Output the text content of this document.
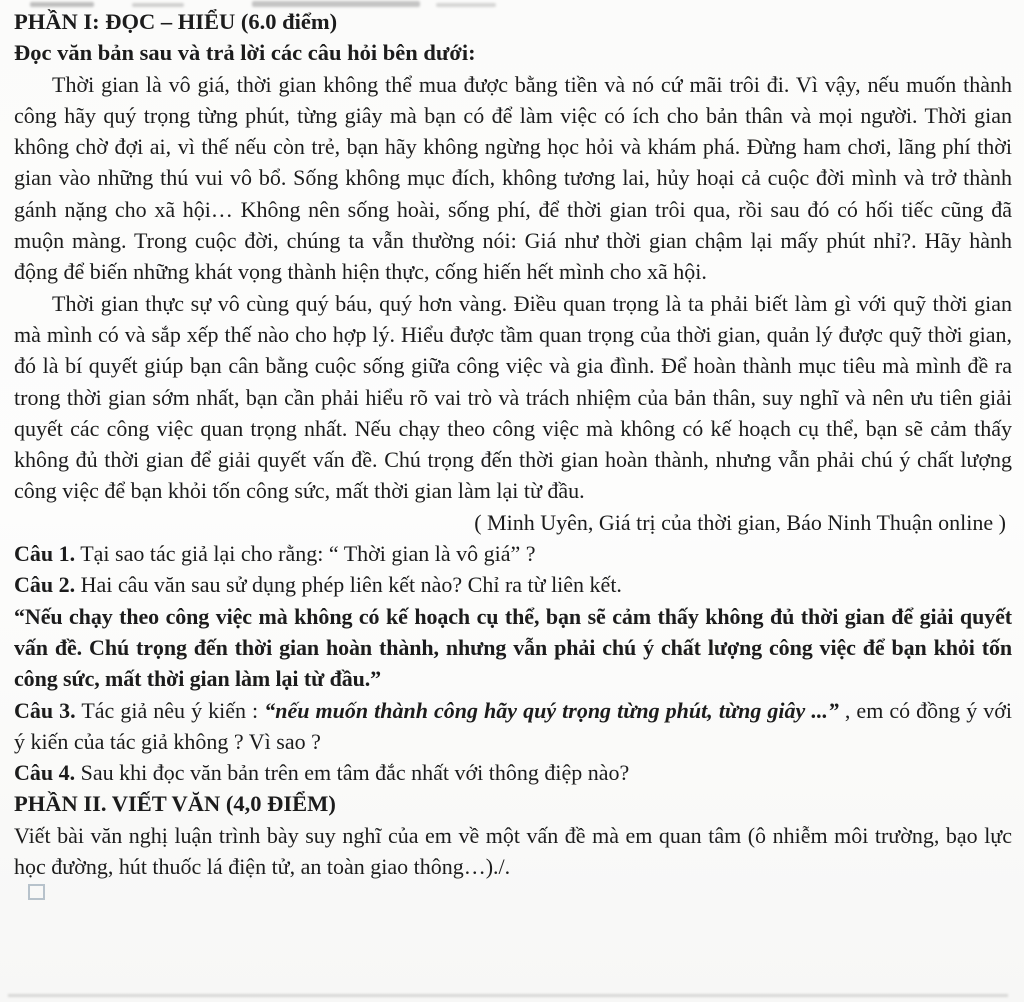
PHẦN I: ĐỌC – HIỂU (6.0 điểm)
Đọc văn bản sau và trả lời các câu hỏi bên dưới:

Thời gian là vô giá, thời gian không thể mua được bằng tiền và nó cứ mãi trôi đi. Vì vậy, nếu muốn thành công hãy quý trọng từng phút, từng giây mà bạn có để làm việc có ích cho bản thân và mọi người. Thời gian không chờ đợi ai, vì thế nếu còn trẻ, bạn hãy không ngừng học hỏi và khám phá. Đừng ham chơi, lãng phí thời gian vào những thú vui vô bổ. Sống không mục đích, không tương lai, hủy hoại cả cuộc đời mình và trở thành gánh nặng cho xã hội… Không nên sống hoài, sống phí, để thời gian trôi qua, rồi sau đó có hối tiếc cũng đã muộn màng. Trong cuộc đời, chúng ta vẫn thường nói: Giá như thời gian chậm lại mấy phút nhỉ?. Hãy hành động để biến những khát vọng thành hiện thực, cống hiến hết mình cho xã hội.

Thời gian thực sự vô cùng quý báu, quý hơn vàng. Điều quan trọng là ta phải biết làm gì với quỹ thời gian mà mình có và sắp xếp thế nào cho hợp lý. Hiểu được tầm quan trọng của thời gian, quản lý được quỹ thời gian, đó là bí quyết giúp bạn cân bằng cuộc sống giữa công việc và gia đình. Để hoàn thành mục tiêu mà mình đề ra trong thời gian sớm nhất, bạn cần phải hiểu rõ vai trò và trách nhiệm của bản thân, suy nghĩ và nên ưu tiên giải quyết các công việc quan trọng nhất. Nếu chạy theo công việc mà không có kế hoạch cụ thể, bạn sẽ cảm thấy không đủ thời gian để giải quyết vấn đề. Chú trọng đến thời gian hoàn thành, nhưng vẫn phải chú ý chất lượng công việc để bạn khỏi tốn công sức, mất thời gian làm lại từ đầu.

( Minh Uyên, Giá trị của thời gian, Báo Ninh Thuận online )

Câu 1. Tại sao tác giả lại cho rằng: “ Thời gian là vô giá” ?

Câu 2. Hai câu văn sau sử dụng phép liên kết nào? Chỉ ra từ liên kết.

“Nếu chạy theo công việc mà không có kế hoạch cụ thể, bạn sẽ cảm thấy không đủ thời gian để giải quyết vấn đề. Chú trọng đến thời gian hoàn thành, nhưng vẫn phải chú ý chất lượng công việc để bạn khỏi tốn công sức, mất thời gian làm lại từ đầu.”

Câu 3. Tác giả nêu ý kiến : “nếu muốn thành công hãy quý trọng từng phút, từng giây ...” , em có đồng ý với ý kiến của tác giả không ? Vì sao ?

Câu 4. Sau khi đọc văn bản trên em tâm đắc nhất với thông điệp nào?

PHẦN II. VIẾT VĂN (4,0 ĐIỂM)

Viết bài văn nghị luận trình bày suy nghĩ của em về một vấn đề mà em quan tâm (ô nhiễm môi trường, bạo lực học đường, hút thuốc lá điện tử, an toàn giao thông…)./.
